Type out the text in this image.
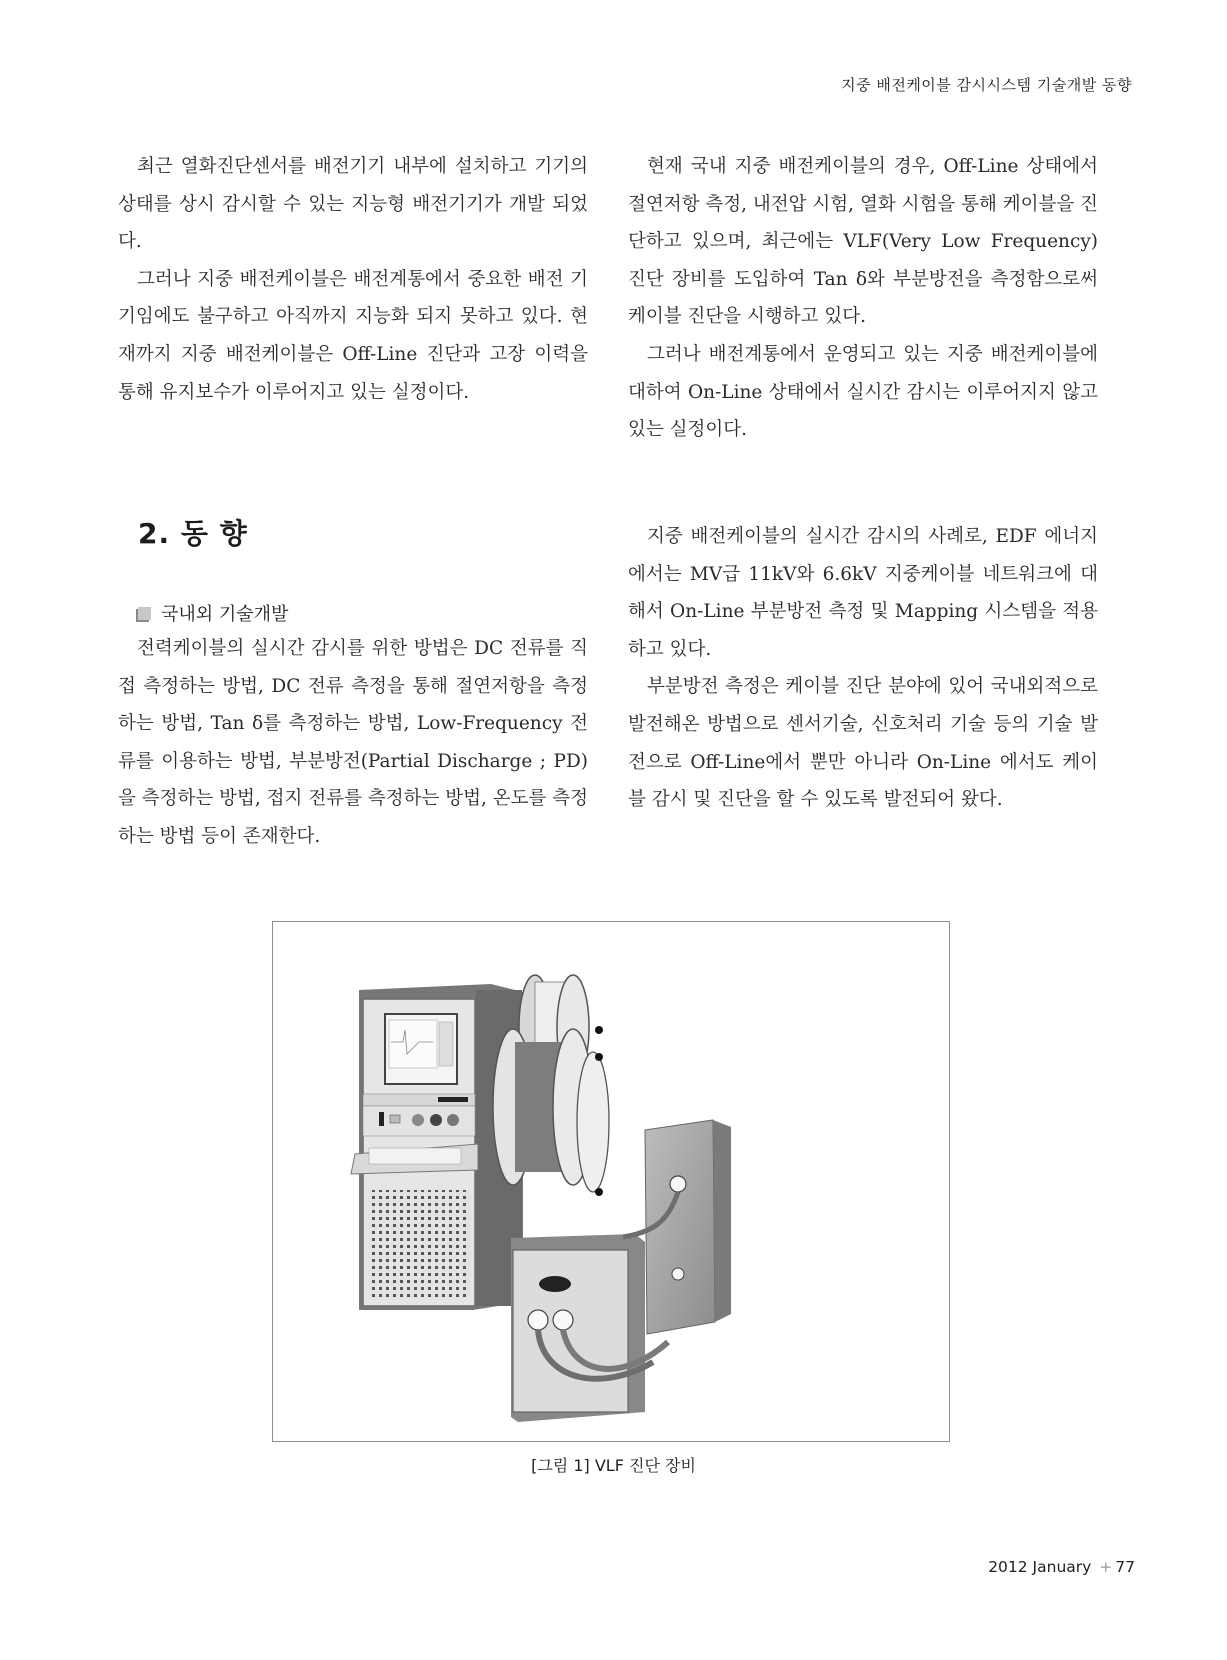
지중 배전케이블 감시시스템 기술개발 동향

최근 열화진단센서를 배전기기 내부에 설치하고 기기의 상태를 상시 감시할 수 있는 지능형 배전기기가 개발 되었다.

그러나 지중 배전케이블은 배전계통에서 중요한 배전 기기임에도 불구하고 아직까지 지능화 되지 못하고 있다. 현재까지 지중 배전케이블은 Off-Line 진단과 고장 이력을 통해 유지보수가 이루어지고 있는 실정이다.

현재 국내 지중 배전케이블의 경우, Off-Line 상태에서 절연저항 측정, 내전압 시험, 열화 시험을 통해 케이블을 진단하고 있으며, 최근에는 VLF(Very Low Frequency) 진단 장비를 도입하여 Tan δ와 부분방전을 측정함으로써 케이블 진단을 시행하고 있다.

그러나 배전계통에서 운영되고 있는 지중 배전케이블에 대하여 On-Line 상태에서 실시간 감시는 이루어지지 않고 있는 실정이다.

2. 동 향
국내외 기술개발

전력케이블의 실시간 감시를 위한 방법은 DC 전류를 직접 측정하는 방법, DC 전류 측정을 통해 절연저항을 측정하는 방법, Tan δ를 측정하는 방법, Low-Frequency 전류를 이용하는 방법, 부분방전(Partial Discharge ; PD)을 측정하는 방법, 접지 전류를 측정하는 방법, 온도를 측정하는 방법 등이 존재한다.

지중 배전케이블의 실시간 감시의 사례로, EDF 에너지에서는 MV급 11kV와 6.6kV 지중케이블 네트워크에 대해서 On-Line 부분방전 측정 및 Mapping 시스템을 적용하고 있다.

부분방전 측정은 케이블 진단 분야에 있어 국내외적으로 발전해온 방법으로 센서기술, 신호처리 기술 등의 기술 발전으로 Off-Line에서 뿐만 아니라 On-Line 에서도 케이블 감시 및 진단을 할 수 있도록 발전되어 왔다.

[그림 1] VLF 진단 장비
2012 January + 77
